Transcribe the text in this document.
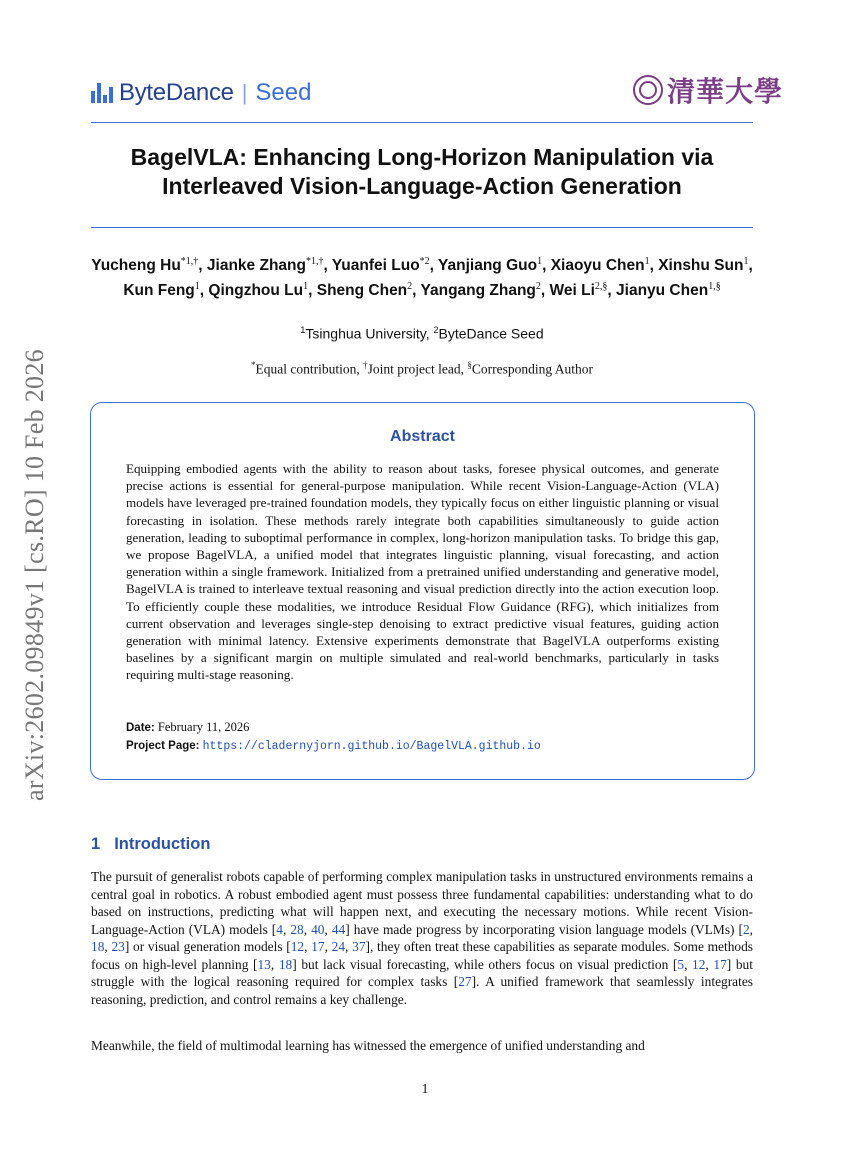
ByteDance | Seed	清華大學
BagelVLA: Enhancing Long-Horizon Manipulation via Interleaved Vision-Language-Action Generation
Yucheng $Hu^{*1,\dagger}$, Jianke Zhang$^{*1,\dagger}$, Yuanfei Luo$^{*2}$, Yanjiang Guo$^1$, Xiaoyu Chen$^1$, Xinshu Sun$^1$, Kun Feng$^1$, Qingzhou Lu$^1$, Sheng Chen$^2$, Yangang Zhang$^2$, Wei $Li^{2,\S}$, Jianyu Chen$^{1,\S}$
$^1$Tsinghua University, $^2$ByteDance Seed
*Equal contribution, †Joint project lead, §Corresponding Author
Abstract
Equipping embodied agents with the ability to reason about tasks, foresee physical outcomes, and generate precise actions is essential for general-purpose manipulation. While recent Vision-Language-Action (VLA) models have leveraged pre-trained foundation models, they typically focus on either linguistic planning or visual forecasting in isolation. These methods rarely integrate both capabilities simultaneously to guide action generation, leading to suboptimal performance in complex, long-horizon manipulation tasks. To bridge this gap, we propose BagelVLA, a unified model that integrates linguistic planning, visual forecasting, and action generation within a single framework. Initialized from a pretrained unified understanding and generative model, BagelVLA is trained to interleave textual reasoning and visual prediction directly into the action execution loop. To efficiently couple these modalities, we introduce Residual Flow Guidance (RFG), which initializes from current observation and leverages single-step denoising to extract predictive visual features, guiding action generation with minimal latency. Extensive experiments demonstrate that BagelVLA outperforms existing baselines by a significant margin on multiple simulated and real-world benchmarks, particularly in tasks requiring multi-stage reasoning.
Date: February 11, 2026
Project Page: https://cladernyjorn.github.io/BagelVLA.github.io
arXiv:2602.09849v1 [cs.RO] 10 Feb 2026
1 Introduction
The pursuit of generalist robots capable of performing complex manipulation tasks in unstructured environments remains a central goal in robotics. A robust embodied agent must possess three fundamental capabilities: understanding what to do based on instructions, predicting what will happen next, and executing the necessary motions. While recent Vision-Language-Action (VLA) models [4, 28, 40, 44] have made progress by incorporating vision language models (VLMs) [2, 18, 23] or visual generation models [12, 17, 24, 37], they often treat these capabilities as separate modules. Some methods focus on high-level planning [13, 18] but lack visual forecasting, while others focus on visual prediction [5, 12, 17] but struggle with the logical reasoning required for complex tasks [27]. A unified framework that seamlessly integrates reasoning, prediction, and control remains a key challenge.
Meanwhile, the field of multimodal learning has witnessed the emergence of unified understanding and
1
